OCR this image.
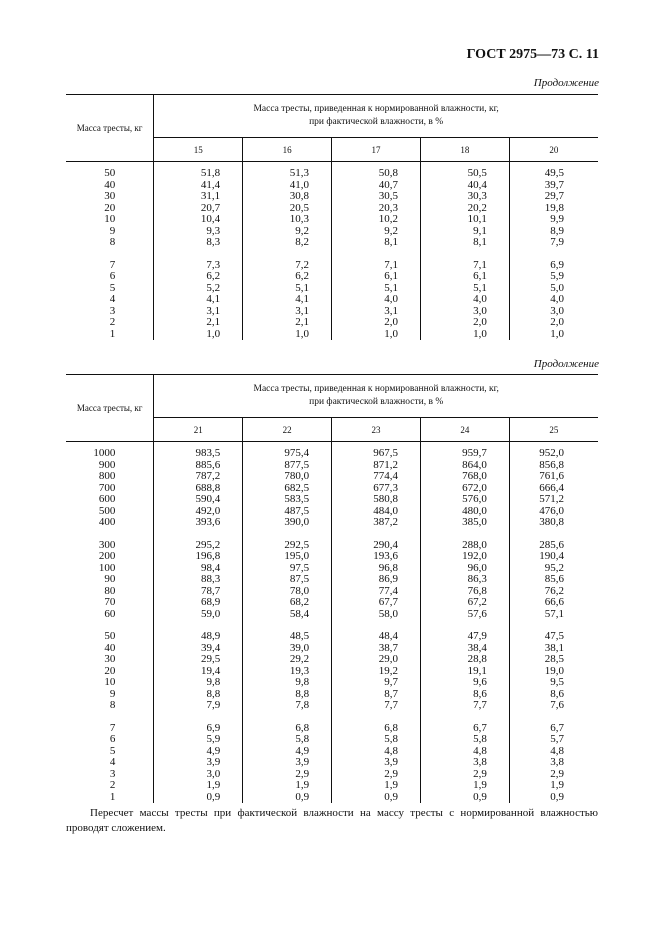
ГОСТ 2975—73 С. 11
Продолжение
Масса тресты, кг	Масса тресты, приведенная к нормированной влажности, кг,
при фактической влажности, в %				
	15	16	17	18	20

50	51,8	51,3	50,8	50,5	49,5
40	41,4	41,0	40,7	40,4	39,7
30	31,1	30,8	30,5	30,3	29,7
20	20,7	20,5	20,3	20,2	19,8
10	10,4	10,3	10,2	10,1	9,9
9	9,3	9,2	9,2	9,1	8,9
8	8,3	8,2	8,1	8,1	7,9

7	7,3	7,2	7,1	7,1	6,9
6	6,2	6,2	6,1	6,1	5,9
5	5,2	5,1	5,1	5,1	5,0
4	4,1	4,1	4,0	4,0	4,0
3	3,1	3,1	3,1	3,0	3,0
2	2,1	2,1	2,0	2,0	2,0
1	1,0	1,0	1,0	1,0	1,0
Продолжение
Масса тресты, кг	Масса тресты, приведенная к нормированной влажности, кг,
при фактической влажности, в %				
	21	22	23	24	25

1000	983,5	975,4	967,5	959,7	952,0
900	885,6	877,5	871,2	864,0	856,8
800	787,2	780,0	774,4	768,0	761,6
700	688,8	682,5	677,3	672,0	666,4
600	590,4	583,5	580,8	576,0	571,2
500	492,0	487,5	484,0	480,0	476,0
400	393,6	390,0	387,2	385,0	380,8

300	295,2	292,5	290,4	288,0	285,6
200	196,8	195,0	193,6	192,0	190,4
100	98,4	97,5	96,8	96,0	95,2
90	88,3	87,5	86,9	86,3	85,6
80	78,7	78,0	77,4	76,8	76,2
70	68,9	68,2	67,7	67,2	66,6
60	59,0	58,4	58,0	57,6	57,1

50	48,9	48,5	48,4	47,9	47,5
40	39,4	39,0	38,7	38,4	38,1
30	29,5	29,2	29,0	28,8	28,5
20	19,4	19,3	19,2	19,1	19,0
10	9,8	9,8	9,7	9,6	9,5
9	8,8	8,8	8,7	8,6	8,6
8	7,9	7,8	7,7	7,7	7,6

7	6,9	6,8	6,8	6,7	6,7
6	5,9	5,8	5,8	5,8	5,7
5	4,9	4,9	4,8	4,8	4,8
4	3,9	3,9	3,9	3,8	3,8
3	3,0	2,9	2,9	2,9	2,9
2	1,9	1,9	1,9	1,9	1,9
1	0,9	0,9	0,9	0,9	0,9

Пересчет массы тресты при фактической влажности на массу тресты с нормированной влажностью проводят сложением.
